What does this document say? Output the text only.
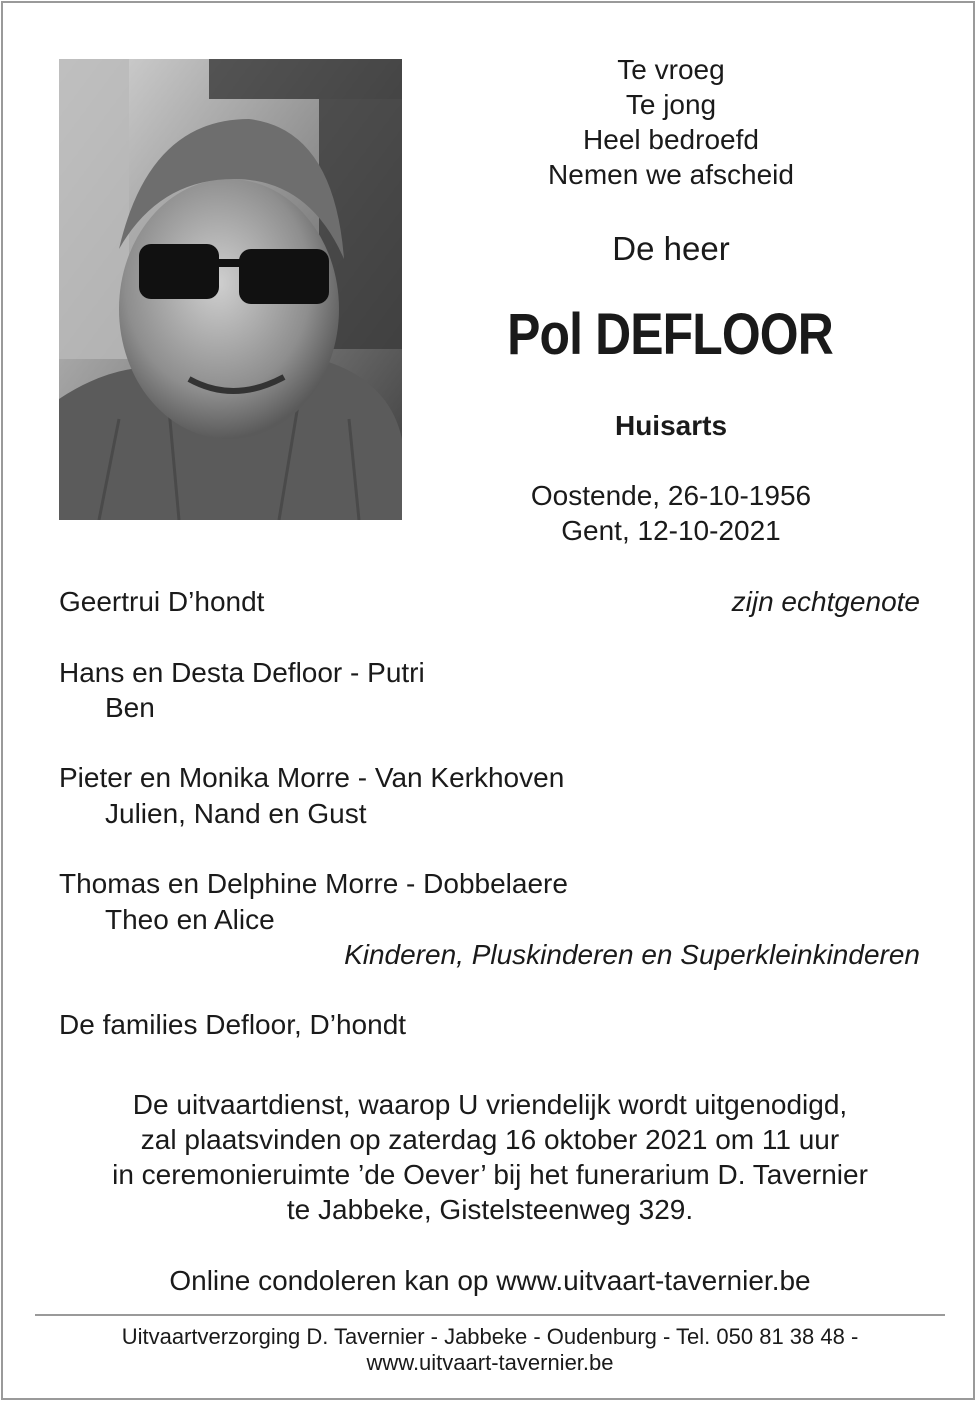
Te vroeg
Te jong
Heel bedroefd
Nemen we afscheid
De heer
Pol DEFLOOR
Huisarts
Oostende, 26-10-1956
Gent, 12-10-2021
Geertrui D’hondt	zijn echtgenote
Hans en Desta Defloor - Putri
Ben
Pieter en Monika Morre - Van Kerkhoven
Julien, Nand en Gust
Thomas en Delphine Morre - Dobbelaere
Theo en Alice
Kinderen, Pluskinderen en Superkleinkinderen
De families Defloor, D’hondt
De uitvaartdienst, waarop U vriendelijk wordt uitgenodigd,
zal plaatsvinden op zaterdag 16 oktober 2021 om 11 uur
in ceremonieruimte ’de Oever’ bij het funerarium D. Tavernier
te Jabbeke, Gistelsteenweg 329.
Online condoleren kan op www.uitvaart-tavernier.be
Uitvaartverzorging D. Tavernier - Jabbeke - Oudenburg - Tel. 050 81 38 48 -
www.uitvaart-tavernier.be
